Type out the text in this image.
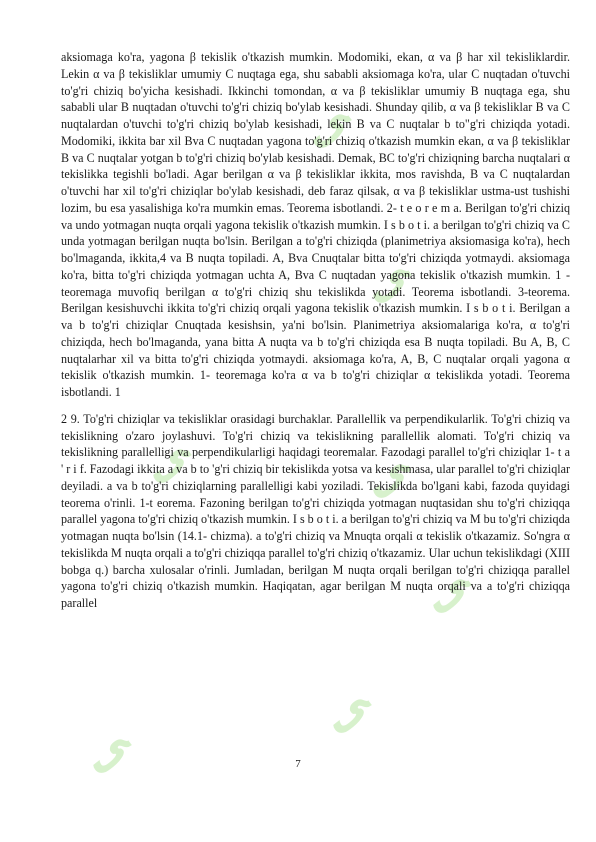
ﻰ
ﻰ
ﻰ
ﻰ
ﻰ
ﻰ
ﻰ

aksiomaga ko'ra, yagona β tekislik o'tkazish mumkin. Modomiki, ekan, α va β har xil tekisliklardir. Lekin α va β tekisliklar umumiy C nuqtaga ega, shu sababli aksiomaga ko'ra, ular C nuqtadan o'tuvchi to'g'ri chiziq bo'yicha kesishadi. Ikkinchi tomondan, α va β tekisliklar umumiy B nuqtaga ega, shu sababli ular B nuqtadan o'tuvchi to'g'ri chiziq bo'ylab kesishadi. Shunday qilib, α va β tekisliklar B va C nuqtalardan o'tuvchi to'g'ri chiziq bo'ylab kesishadi, lekin B va C nuqtalar b to"g'ri chiziqda yotadi. Modomiki, ikkita bar xil Bva C nuqtadan yagona to'g'ri chiziq o'tkazish mumkin ekan, α va β tekisliklar B va C nuqtalar yotgan b to'g'ri chiziq bo'ylab kesishadi. Demak, BC to'g'ri chiziqning barcha nuqtalari α tekislikka tegishli bo'ladi. Agar berilgan α va β tekisliklar ikkita, mos ravishda, B va C nuqtalardan o'tuvchi har xil to'g'ri chiziqlar bo'ylab kesishadi, deb faraz qilsak, α va β tekisliklar ustma-ust tushishi lozim, bu esa yasalishiga ko'ra mumkin emas. Teorema isbotlandi. 2- t e o r e m a. Berilgan to'g'ri chiziq va undo yotmagan nuqta orqali yagona tekislik o'tkazish mumkin. I s b o t i. a berilgan to'g'ri chiziq va C unda yotmagan berilgan nuqta bo'lsin. Berilgan a to'g'ri chiziqda (planimetriya aksiomasiga ko'ra), hech bo'lmaganda, ikkita,4 va B nuqta topiladi. A, Bva Cnuqtalar bitta to'g'ri chiziqda yotmaydi. aksiomaga ko'ra, bitta to'g'ri chiziqda yotmagan uchta A, Bva C nuqtadan yagona tekislik o'tkazish mumkin. 1 - teoremaga muvofiq berilgan α to'g'ri chiziq shu tekislikda yotadi. Teorema isbotlandi. 3-teorema. Berilgan kesishuvchi ikkita to'g'ri chiziq orqali yagona tekislik o'tkazish mumkin. I s b o t i. Berilgan a va b to'g'ri chiziqlar Cnuqtada kesishsin, ya'ni bo'lsin. Planimetriya aksiomalariga ko'ra, α to'g'ri chiziqda, hech bo'lmaganda, yana bitta A nuqta va b to'g'ri chiziqda esa B nuqta topiladi. Bu A, B, C nuqtalarhar xil va bitta to'g'ri chiziqda yotmaydi. aksiomaga ko'ra, A, B, C nuqtalar orqali yagona α tekislik o'tkazish mumkin. 1- teoremaga ko'ra α va b to'g'ri chiziqlar α tekislikda yotadi. Teorema isbotlandi. 1

2 9. To'g'ri chiziqlar va tekisliklar orasidagi burchaklar. Parallellik va perpendikularlik. To'g'ri chiziq va tekislikning o'zaro joylashuvi. To'g'ri chiziq va tekislikning parallellik alomati. To'g'ri chiziq va tekislikning parallelligi va perpendikularligi haqidagi teoremalar. Fazodagi parallel to'g'ri chiziqlar 1- t a ' r i f. Fazodagi ikkita a va b to 'g'ri chiziq bir tekislikda yotsa va kesishmasa, ular parallel to'g'ri chiziqlar deyiladi. a va b to'g'ri chiziqlarning parallelligi kabi yoziladi. Tekislikda bo'lgani kabi, fazoda quyidagi teorema o'rinli. 1-t eorema. Fazoning berilgan to'g'ri chiziqda yotmagan nuqtasidan shu to'g'ri chiziqqa parallel yagona to'g'ri chiziq o'tkazish mumkin. I s b o t i. a berilgan to'g'ri chiziq va M bu to'g'ri chiziqda yotmagan nuqta bo'lsin (14.1- chizma). a to'g'ri chiziq va Mnuqta orqali α tekislik o'tkazamiz. So'ngra α tekislikda M nuqta orqali a to'g'ri chiziqqa parallel to'g'ri chiziq o'tkazamiz. Ular uchun tekislikdagi (XIII bobga q.) barcha xulosalar o'rinli. Jumladan, berilgan M nuqta orqali berilgan to'g'ri chiziqqa parallel yagona to'g'ri chiziq o'tkazish mumkin. Haqiqatan, agar berilgan M nuqta orqali va a to'g'ri chiziqqa parallel

7
